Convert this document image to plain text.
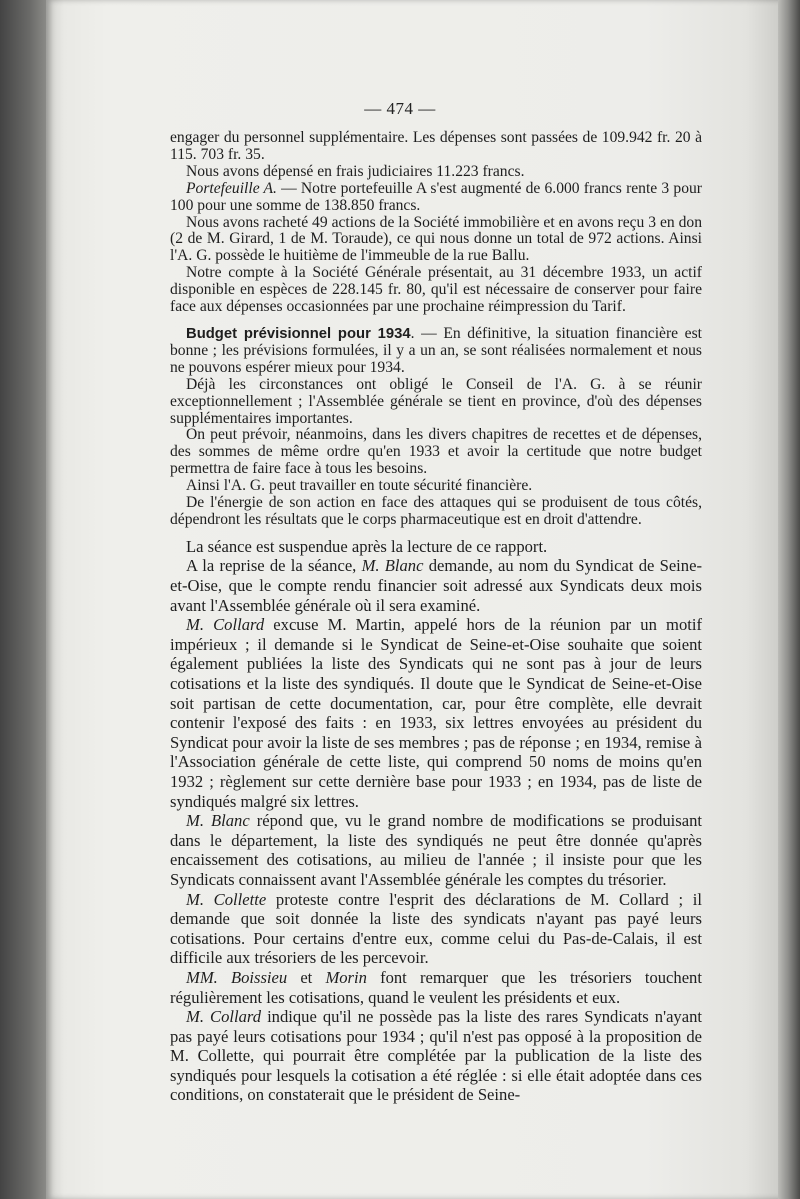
— 474 —

engager du personnel supplémentaire. Les dépenses sont passées de 109.942 fr. 20 à 115. 703 fr. 35.

Nous avons dépensé en frais judiciaires 11.223 francs.

Portefeuille A. — Notre portefeuille A s'est augmenté de 6.000 francs rente 3 pour 100 pour une somme de 138.850 francs.

Nous avons racheté 49 actions de la Société immobilière et en avons reçu 3 en don (2 de M. Girard, 1 de M. Toraude), ce qui nous donne un total de 972 actions. Ainsi l'A. G. possède le huitième de l'immeuble de la rue Ballu.

Notre compte à la Société Générale présentait, au 31 décembre 1933, un actif disponible en espèces de 228.145 fr. 80, qu'il est nécessaire de conserver pour faire face aux dépenses occasionnées par une prochaine réimpression du Tarif.

Budget prévisionnel pour 1934. — En définitive, la situation financière est bonne ; les prévisions formulées, il y a un an, se sont réalisées normalement et nous ne pouvons espérer mieux pour 1934.

Déjà les circonstances ont obligé le Conseil de l'A. G. à se réunir exceptionnellement ; l'Assemblée générale se tient en province, d'où des dépenses supplémentaires importantes.

On peut prévoir, néanmoins, dans les divers chapitres de recettes et de dépenses, des sommes de même ordre qu'en 1933 et avoir la certitude que notre budget permettra de faire face à tous les besoins.

Ainsi l'A. G. peut travailler en toute sécurité financière.

De l'énergie de son action en face des attaques qui se produisent de tous côtés, dépendront les résultats que le corps pharmaceutique est en droit d'attendre.

La séance est suspendue après la lecture de ce rapport.

A la reprise de la séance, M. Blanc demande, au nom du Syndicat de Seine-et-Oise, que le compte rendu financier soit adressé aux Syndicats deux mois avant l'Assemblée générale où il sera examiné.

M. Collard excuse M. Martin, appelé hors de la réunion par un motif impérieux ; il demande si le Syndicat de Seine-et-Oise souhaite que soient également publiées la liste des Syndicats qui ne sont pas à jour de leurs cotisations et la liste des syndiqués. Il doute que le Syndicat de Seine-et-Oise soit partisan de cette documentation, car, pour être complète, elle devrait contenir l'exposé des faits : en 1933, six lettres envoyées au président du Syndicat pour avoir la liste de ses membres ; pas de réponse ; en 1934, remise à l'Association générale de cette liste, qui comprend 50 noms de moins qu'en 1932 ; règlement sur cette dernière base pour 1933 ; en 1934, pas de liste de syndiqués malgré six lettres.

M. Blanc répond que, vu le grand nombre de modifications se produisant dans le département, la liste des syndiqués ne peut être donnée qu'après encaissement des cotisations, au milieu de l'année ; il insiste pour que les Syndicats connaissent avant l'Assemblée générale les comptes du trésorier.

M. Collette proteste contre l'esprit des déclarations de M. Collard ; il demande que soit donnée la liste des syndicats n'ayant pas payé leurs cotisations. Pour certains d'entre eux, comme celui du Pas-de-Calais, il est difficile aux trésoriers de les percevoir.

MM. Boissieu et Morin font remarquer que les trésoriers touchent régulièrement les cotisations, quand le veulent les présidents et eux.

M. Collard indique qu'il ne possède pas la liste des rares Syndicats n'ayant pas payé leurs cotisations pour 1934 ; qu'il n'est pas opposé à la proposition de M. Collette, qui pourrait être complétée par la publication de la liste des syndiqués pour lesquels la cotisation a été réglée : si elle était adoptée dans ces conditions, on constaterait que le président de Seine-
